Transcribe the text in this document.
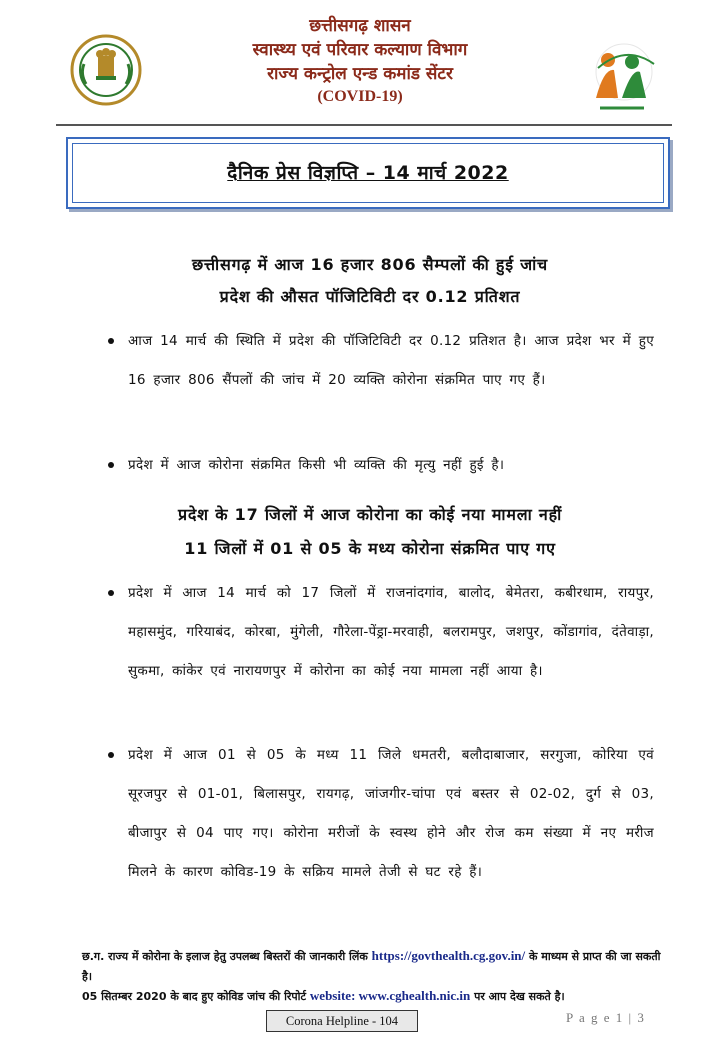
छत्तीसगढ़ शासन
स्वास्थ्य एवं परिवार कल्याण विभाग
राज्य कन्ट्रोल एन्ड कमांड सेंटर
(COVID-19)
दैनिक प्रेस विज्ञप्ति – 14 मार्च 2022
छत्तीसगढ़ में आज 16 हजार 806 सैम्पलों की हुई जांच
प्रदेश की औसत पॉजिटिविटी दर 0.12 प्रतिशत
आज 14 मार्च की स्थिति में प्रदेश की पॉजिटिविटी दर 0.12 प्रतिशत है। आज प्रदेश भर में हुए 16 हजार 806 सैंपलों की जांच में 20 व्यक्ति कोरोना संक्रमित पाए गए हैं।
प्रदेश में आज कोरोना संक्रमित किसी भी व्यक्ति की मृत्यु नहीं हुई है।
प्रदेश के 17 जिलों में आज कोरोना का कोई नया मामला नहीं
11 जिलों में 01 से 05 के मध्य कोरोना संक्रमित पाए गए
प्रदेश में आज 14 मार्च को 17 जिलों में राजनांदगांव, बालोद, बेमेतरा, कबीरधाम, रायपुर, महासमुंद, गरियाबंद, कोरबा, मुंगेली, गौरेला-पेंड्रा-मरवाही, बलरामपुर, जशपुर, कोंडागांव, दंतेवाड़ा, सुकमा, कांकेर एवं नारायणपुर में कोरोना का कोई नया मामला नहीं आया है।
प्रदेश में आज 01 से 05 के मध्य 11 जिले धमतरी, बलौदाबाजार, सरगुजा, कोरिया एवं सूरजपुर से 01-01, बिलासपुर, रायगढ़, जांजगीर-चांपा एवं बस्तर से 02-02, दुर्ग से 03, बीजापुर से 04 पाए गए। कोरोना मरीजों के स्वस्थ होने और रोज कम संख्या में नए मरीज मिलने के कारण कोविड-19 के सक्रिय मामले तेजी से घट रहे हैं।
छ.ग. राज्य में कोरोना के इलाज हेतु उपलब्ध बिस्तरों की जानकारी लिंक https://govthealth.cg.gov.in/ के माध्यम से प्राप्त की जा सकती है।
05 सितम्बर 2020 के बाद हुए कोविड जांच की रिपोर्ट website: www.cghealth.nic.in पर आप देख सकते है।
Corona Helpline - 104	P a g e 1 | 3
